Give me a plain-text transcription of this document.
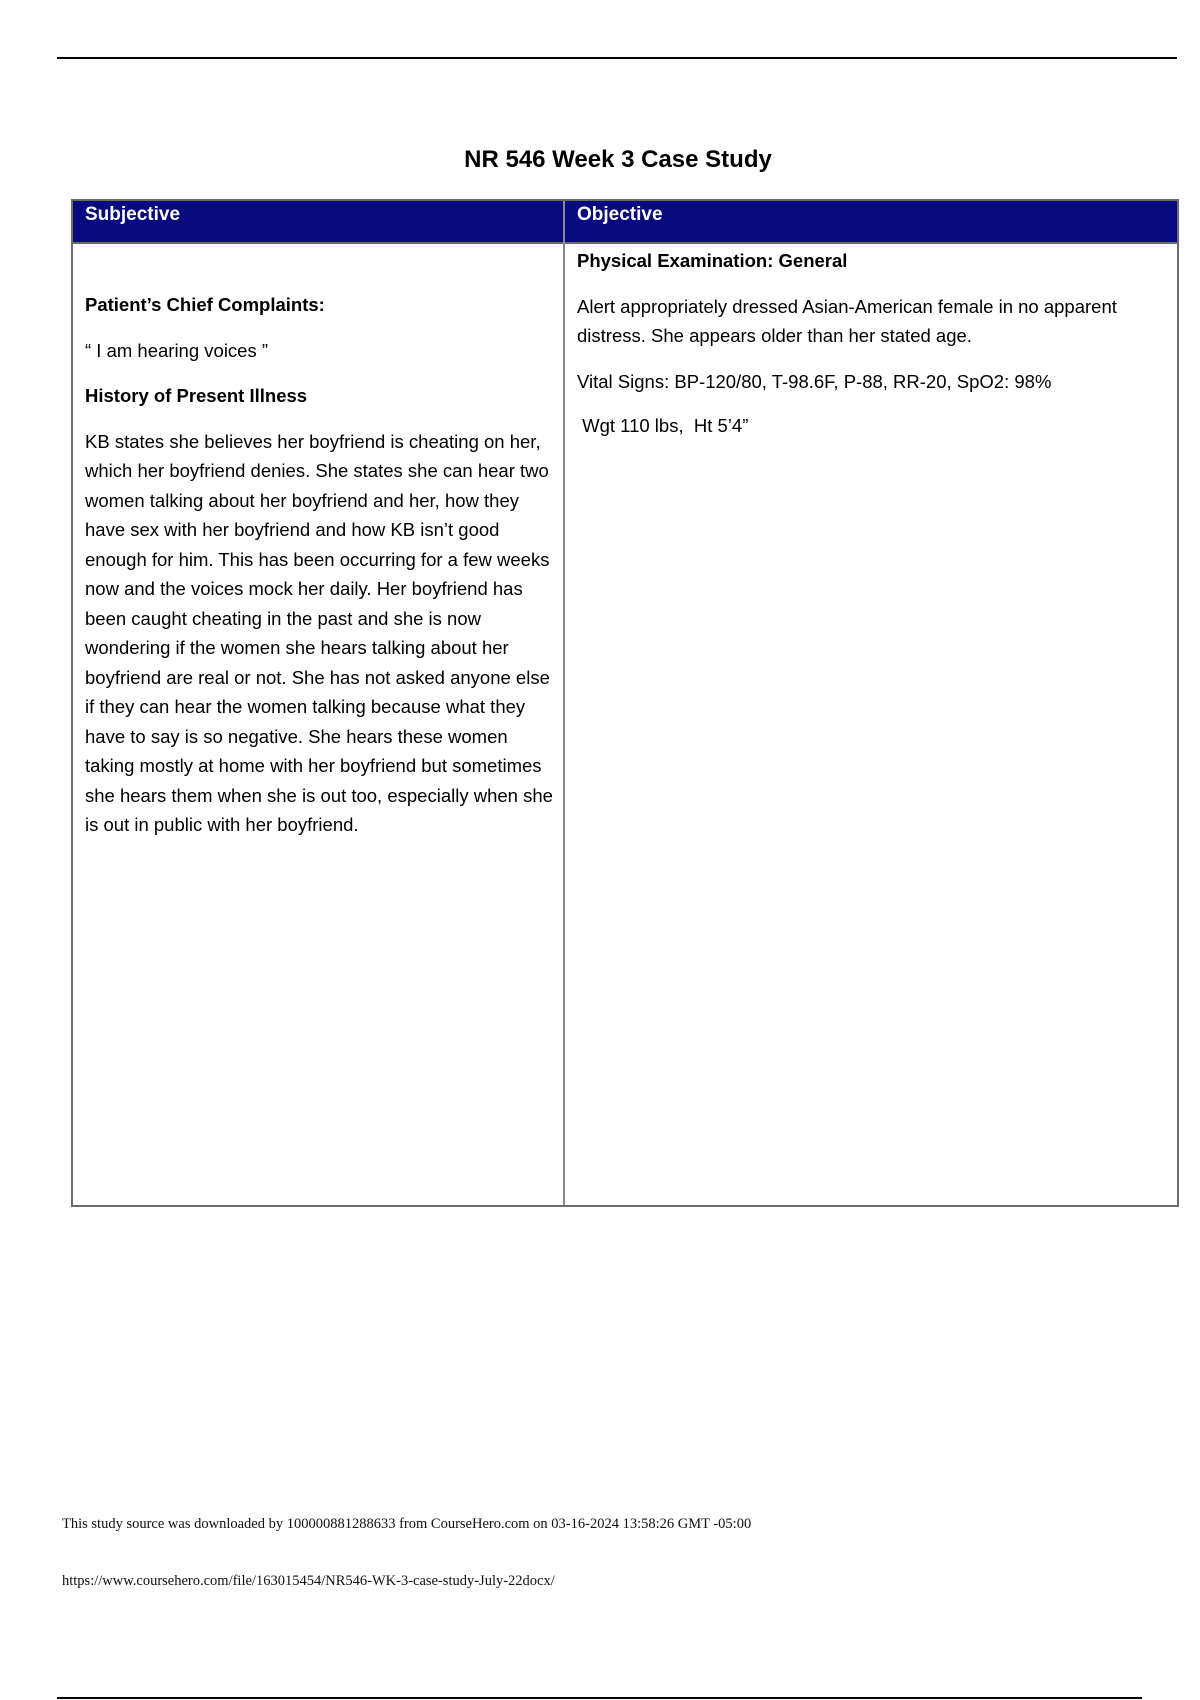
NR 546 Week 3 Case Study
Subjective

Patient’s Chief Complaints:

“ I am hearing voices ”

History of Present Illness

KB states she believes her boyfriend is cheating on her, which her boyfriend denies. She states she can hear two women talking about her boyfriend and her, how they have sex with her boyfriend and how KB isn’t good enough for him. This has been occurring for a few weeks now and the voices mock her daily. Her boyfriend has been caught cheating in the past and she is now wondering if the women she hears talking about her boyfriend are real or not. She has not asked anyone else if they can hear the women talking because what they have to say is so negative. She hears these women taking mostly at home with her boyfriend but sometimes she hears them when she is out too, especially when she is out in public with her boyfriend.

Objective

Physical Examination: General

Alert appropriately dressed Asian-American female in no apparent distress. She appears older than her stated age.

Vital Signs: BP-120/80, T-98.6F, P-88, RR-20, SpO2: 98%

Wgt 110 lbs,  Ht 5’4”

This study source was downloaded by 100000881288633 from CourseHero.com on 03-16-2024 13:58:26 GMT -05:00
https://www.coursehero.com/file/163015454/NR546-WK-3-case-study-July-22docx/
